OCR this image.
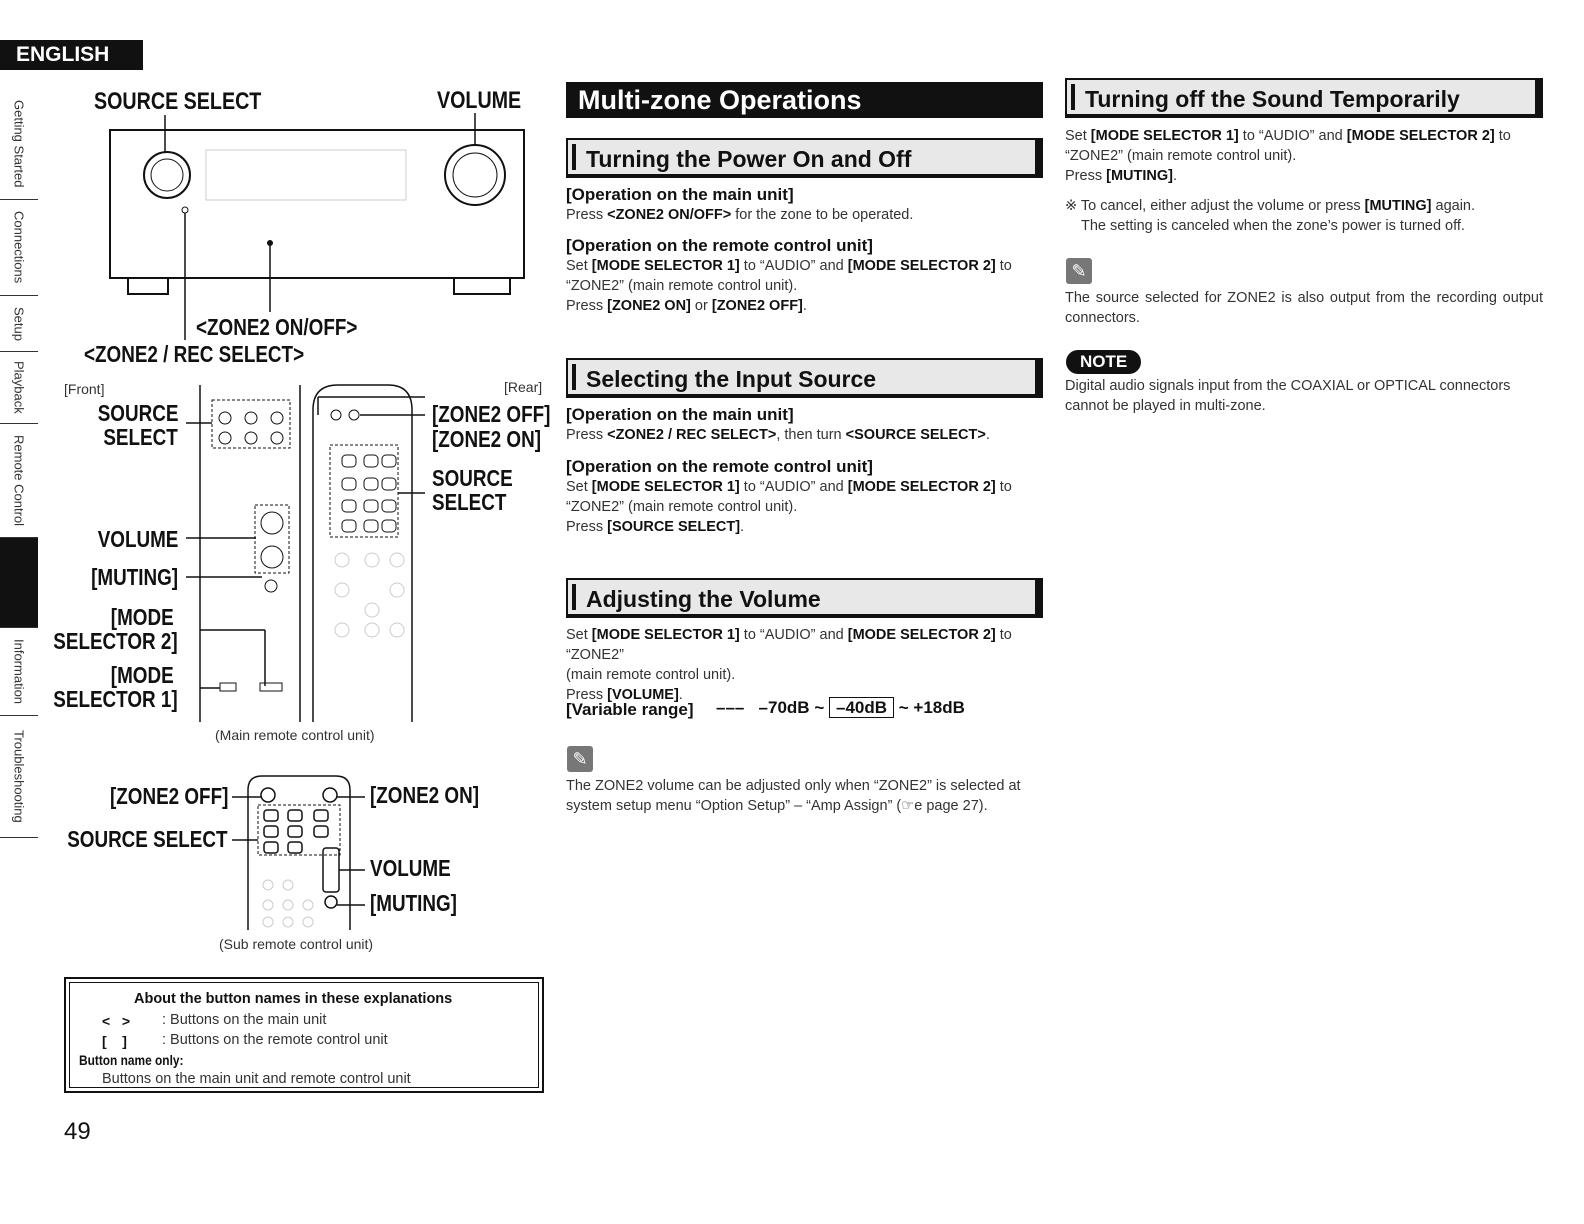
ENGLISH
Getting Started
Connections
Setup
Playback
Remote Control
Information
Troubleshooting
SOURCE SELECT	VOLUME
<ZONE2 ON/OFF>
<ZONE2 / REC SELECT>
[Front]	[Rear]
SOURCE
SELECT
VOLUME
[MUTING]
[MODE
SELECTOR 2]
[MODE
SELECTOR 1]
[ZONE2 OFF]
[ZONE2 ON]
SOURCE
SELECT
(Main remote control unit)
[ZONE2 OFF]	[ZONE2 ON]
SOURCE SELECT
VOLUME
[MUTING]
(Sub remote control unit)
About the button names in these explanations
<   > : Buttons on the main unit
[    ] : Buttons on the remote control unit
Button name only:
Buttons on the main unit and remote control unit
49
Multi-zone Operations
Turning the Power On and Off
[Operation on the main unit]
Press <ZONE2 ON/OFF> for the zone to be operated.
[Operation on the remote control unit]
Set [MODE SELECTOR 1] to “AUDIO” and [MODE SELECTOR 2] to
“ZONE2” (main remote control unit).
Press [ZONE2 ON] or [ZONE2 OFF].
Selecting the Input Source
[Operation on the main unit]
Press <ZONE2 / REC SELECT>, then turn <SOURCE SELECT>.
[Operation on the remote control unit]
Set [MODE SELECTOR 1] to “AUDIO” and [MODE SELECTOR 2] to
“ZONE2” (main remote control unit).
Press [SOURCE SELECT].
Adjusting the Volume
Set [MODE SELECTOR 1] to “AUDIO” and [MODE SELECTOR 2] to “ZONE2”
(main remote control unit).
Press [VOLUME].
[Variable range] ––– –70dB ~ –40dB ~ +18dB
✎
The ZONE2 volume can be adjusted only when “ZONE2” is selected at system setup menu “Option Setup” – “Amp Assign” (☞e page 27).
Turning off the Sound Temporarily
Set [MODE SELECTOR 1] to “AUDIO” and [MODE SELECTOR 2] to
“ZONE2” (main remote control unit).
Press [MUTING].
※ To cancel, either adjust the volume or press [MUTING] again.
The setting is canceled when the zone’s power is turned off.
✎
The source selected for ZONE2 is also output from the recording output connectors.
NOTE
Digital audio signals input from the COAXIAL or OPTICAL connectors cannot be played in multi-zone.
